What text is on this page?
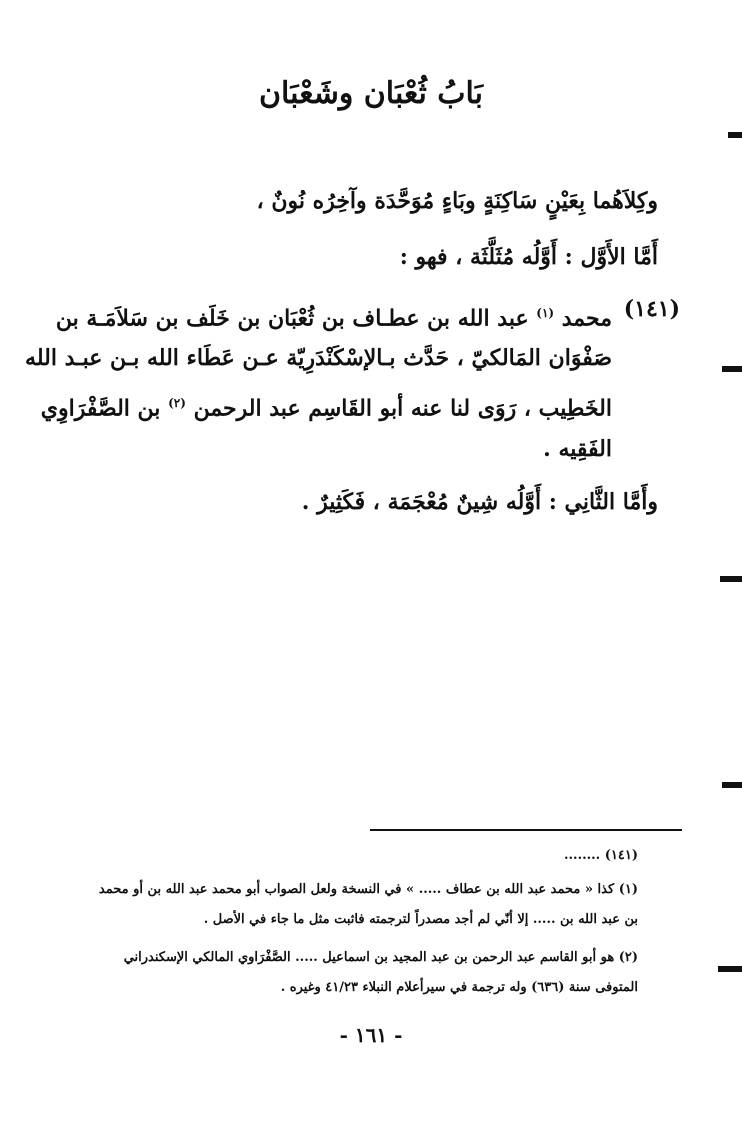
بَابُ ثُعْبَان وشَعْبَان
وكِلاَهُما بِعَيْنٍ سَاكِنَةٍ وبَاءٍ مُوَحَّدَة وآخِرُه نُونٌ ،
أَمَّا الأَوَّل : أَوَّلُه مُثَلَّثَة ، فهو :
(١٤١)
محمد $^{(١)}$ عبد الله بن عطـاف بن ثُعْبَان بن خَلَف بن سَلاَمَـة بن
صَفْوَان المَالكيّ ، حَدَّث بـالإسْكَنْدَرِيّة عـن عَطَاء الله بـن عبـد الله
الخَطِيب ، رَوَى لنا عنه أبو القَاسِم عبد الرحمن $^{(٢)}$ بن الصَّفْرَاوِي
الفَقِيه .
وأَمَّا الثَّانِي : أَوَّلُه شِينٌ مُعْجَمَة ، فَكَثِيرٌ .
(١٤١) ........
(١) كذا « محمد عبد الله بن عطاف ..... » في النسخة ولعل الصواب أبو محمد عبد الله بن أو محمد
بن عبد الله بن ..... إلا أنّي لم أجد مصدراً لترجمته فاثبت مثل ما جاء في الأصل .
(٢) هو أبو القاسم عبد الرحمن بن عبد المجيد بن اسماعيل ..... الصَّفْرَاوي المالكي الإسكندراني
المتوفى سنة (٦٣٦) وله ترجمة في سيرأعلام النبلاء ٤١/٢٣ وغيره .
- ١٦١ -
